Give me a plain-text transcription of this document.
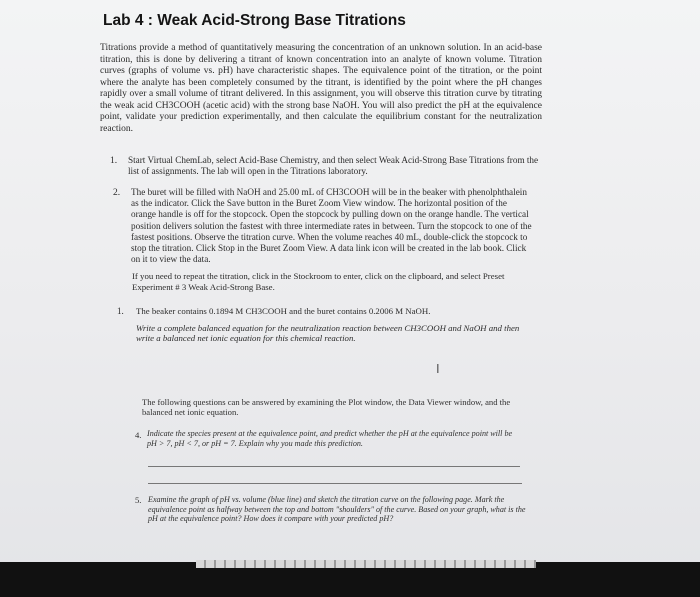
Lab 4 : Weak Acid-Strong Base Titrations
Titrations provide a method of quantitatively measuring the concentration of an unknown solution. In an acid-base titration, this is done by delivering a titrant of known concentration into an analyte of known volume. Titration curves (graphs of volume vs. pH) have characteristic shapes. The equivalence point of the titration, or the point where the analyte has been completely consumed by the titrant, is identified by the point where the pH changes rapidly over a small volume of titrant delivered. In this assignment, you will observe this titration curve by titrating the weak acid CH3COOH (acetic acid) with the strong base NaOH. You will also predict the pH at the equivalence point, validate your prediction experimentally, and then calculate the equilibrium constant for the neutralization reaction.
1. Start Virtual ChemLab, select Acid-Base Chemistry, and then select Weak Acid-Strong Base Titrations from the list of assignments. The lab will open in the Titrations laboratory.
2. The buret will be filled with NaOH and 25.00 mL of CH3COOH will be in the beaker with phenolphthalein as the indicator. Click the Save button in the Buret Zoom View window. The horizontal position of the orange handle is off for the stopcock. Open the stopcock by pulling down on the orange handle. The vertical position delivers solution the fastest with three intermediate rates in between. Turn the stopcock to one of the fastest positions. Observe the titration curve. When the volume reaches 40 mL, double-click the stopcock to stop the titration. Click Stop in the Buret Zoom View. A data link icon will be created in the lab book. Click on it to view the data.
If you need to repeat the titration, click in the Stockroom to enter, click on the clipboard, and select Preset Experiment # 3 Weak Acid-Strong Base.
1. The beaker contains 0.1894 M CH3COOH and the buret contains 0.2006 M NaOH.
Write a complete balanced equation for the neutralization reaction between CH3COOH and NaOH and then write a balanced net ionic equation for this chemical reaction.
I
The following questions can be answered by examining the Plot window, the Data Viewer window, and the balanced net ionic equation.
4. Indicate the species present at the equivalence point, and predict whether the pH at the equivalence point will be pH > 7, pH < 7, or pH = 7. Explain why you made this prediction.
5. Examine the graph of pH vs. volume (blue line) and sketch the titration curve on the following page. Mark the equivalence point as halfway between the top and bottom "shoulders" of the curve. Based on your graph, what is the pH at the equivalence point? How does it compare with your predicted pH?
